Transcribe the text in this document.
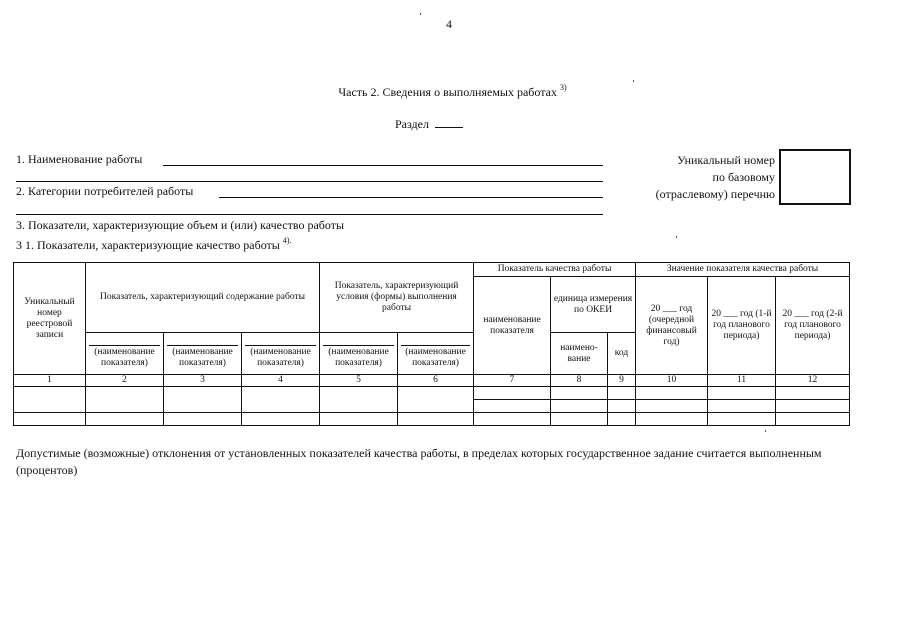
4
Часть 2. Сведения о выполняемых работах $^{3)}$
Раздел
1. Наименование работы
2. Категории потребителей работы
Уникальный номер
по базовому
(отраслевому) перечню
3. Показатели, характеризующие объем и (или) качество работы
3 1. Показатели, характеризующие качество работы $^{4).}$
Уникальный
номер
реестровой
записи	Показатель, характеризующий содержание работы			Показатель, характеризующий условия (формы) выполнения работы		Показатель качества работы			Значение показателя качества работы		
						наименование показателя	единица измерения по ОКЕИ		20 ___ год (очередной финансовый год)	20 ___ год (1-й год планового периода)	20 ___ год (2-й год планового периода)

	(наименование показателя)	(наименование показателя)	(наименование показателя)	(наименование показателя)	(наименование показателя)		наимено-вание	код			
1	2	3	4	5	6	7	8	9	10	11	12

Допустимые (возможные) отклонения от установленных показателей качества работы, в пределах которых государственное задание считается выполненным (процентов)
